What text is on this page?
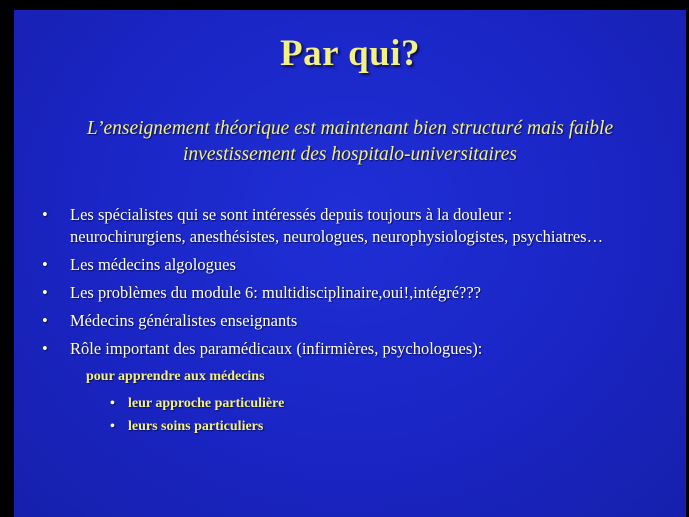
Par qui?
L’enseignement théorique est maintenant bien structuré mais faible
investissement des hospitalo-universitaires
• Les spécialistes qui se sont intéressés depuis toujours à la douleur :
neurochirurgiens, anesthésistes, neurologues, neurophysiologistes, psychiatres…
• Les médecins algologues
• Les problèmes du module 6: multidisciplinaire,oui!,intégré???
• Médecins généralistes enseignants
• Rôle important des paramédicaux (infirmières, psychologues):
pour apprendre aux médecins
• leur approche particulière
• leurs soins particuliers
